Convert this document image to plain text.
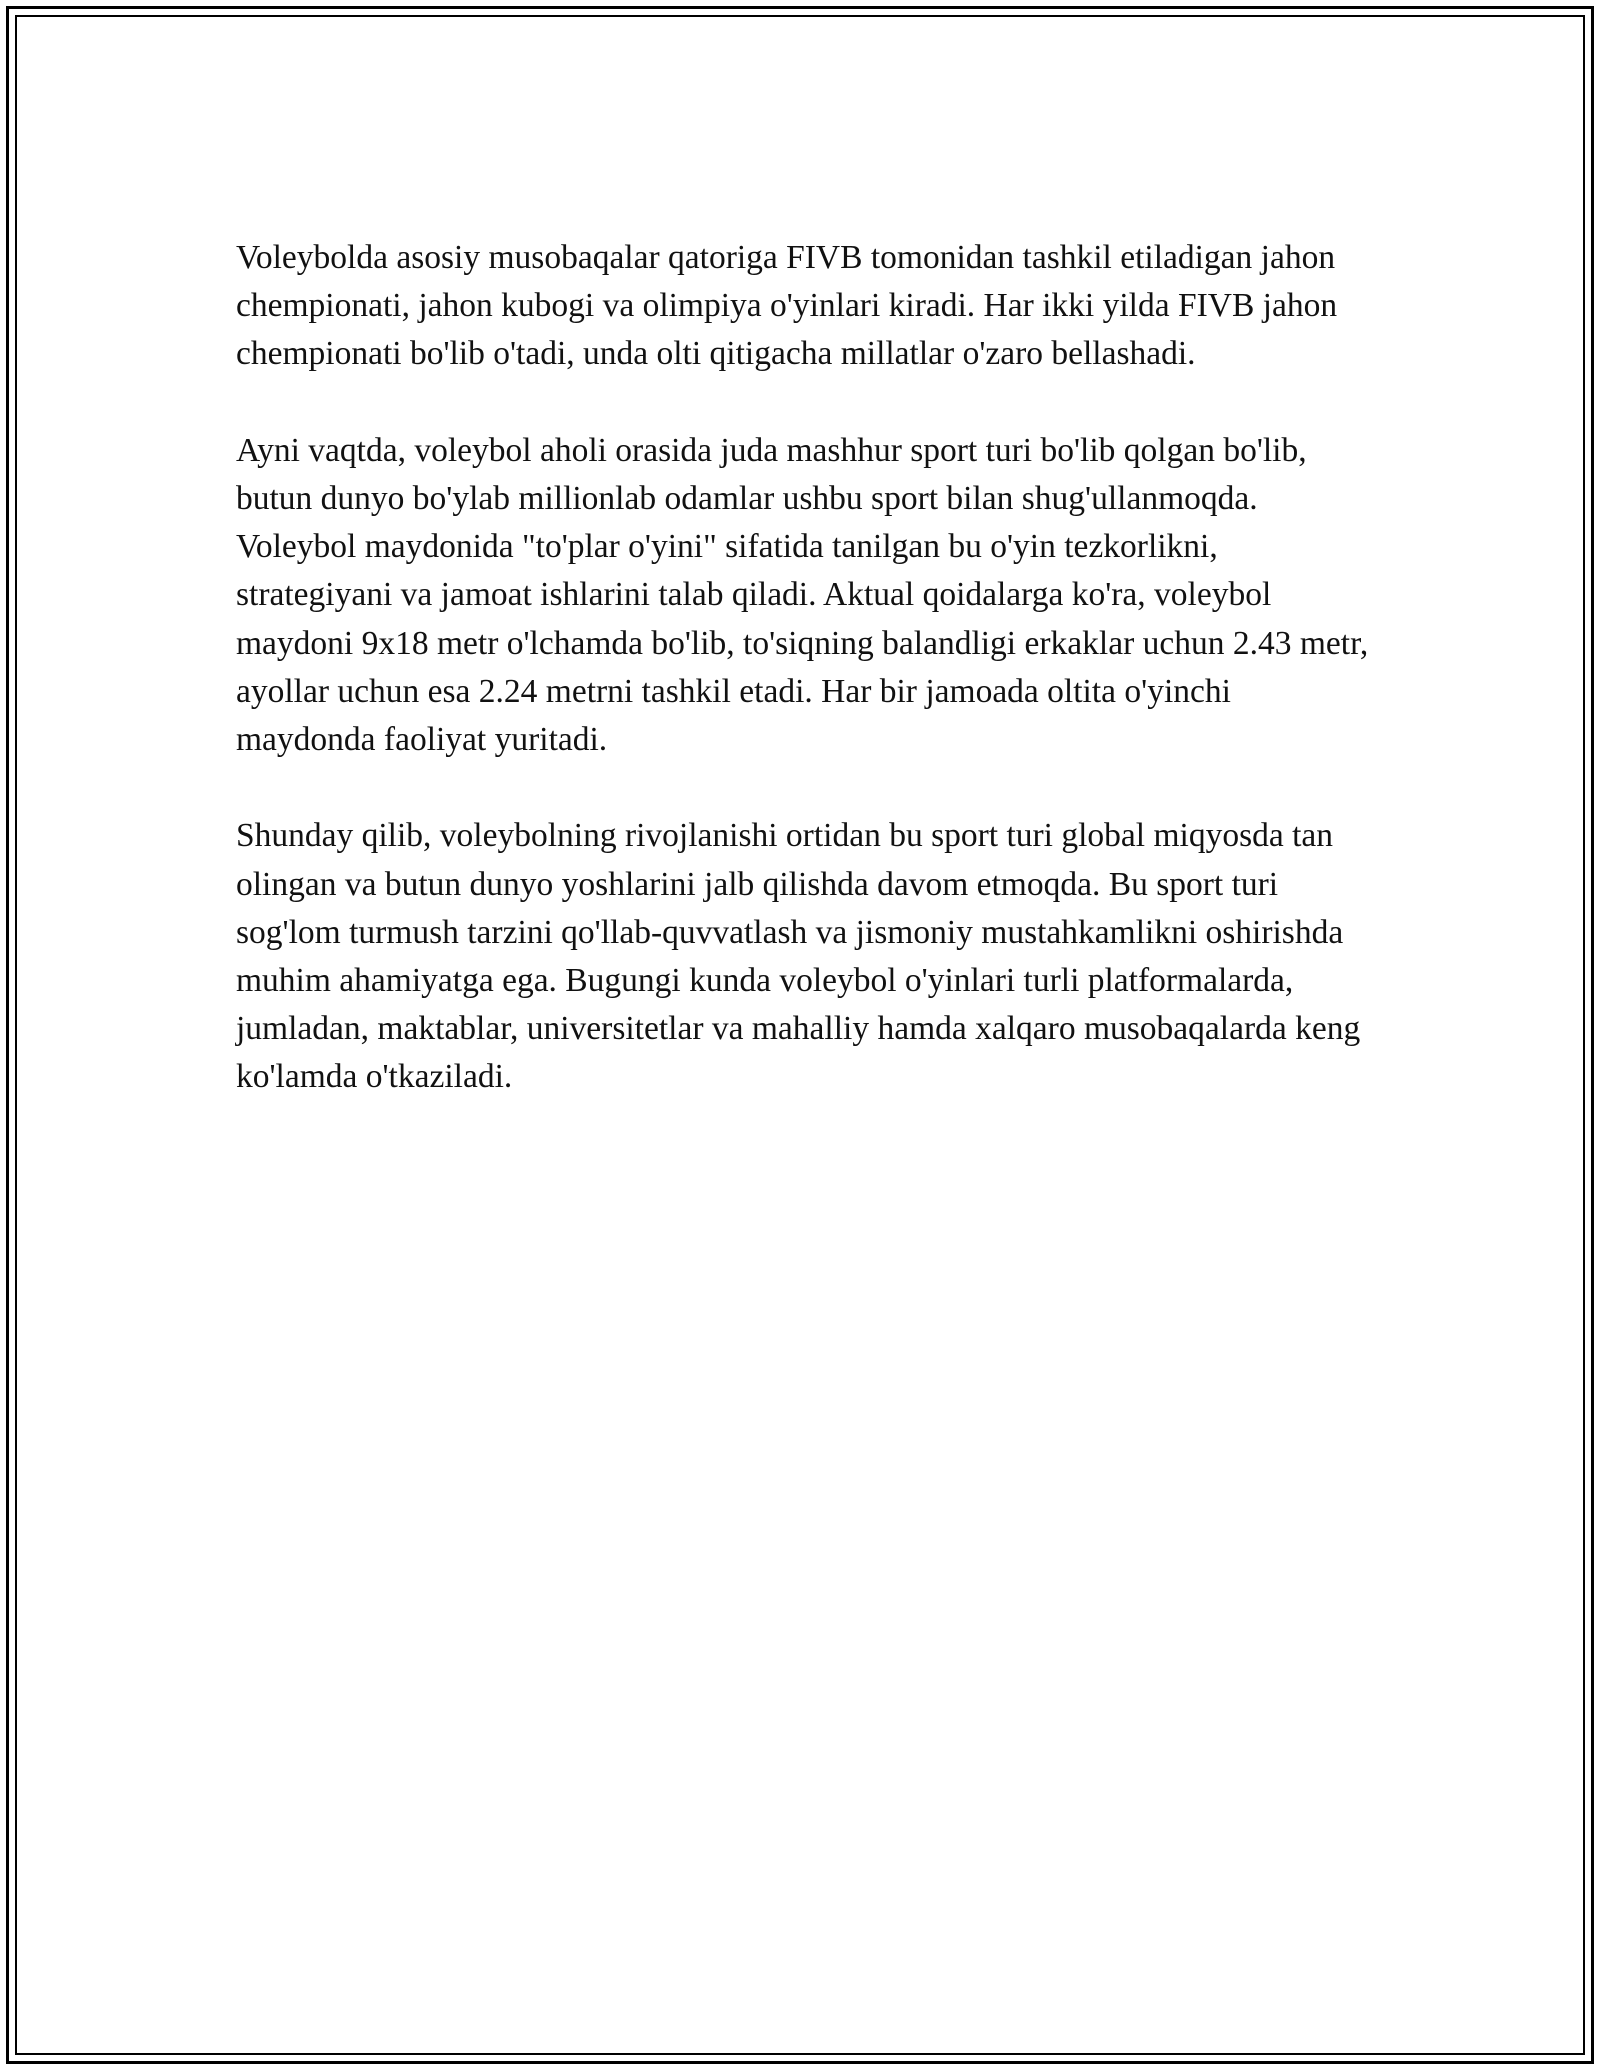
Voleybolda asosiy musobaqalar qatoriga FIVB tomonidan tashkil etiladigan jahon chempionati, jahon kubogi va olimpiya o'yinlari kiradi. Har ikki yilda FIVB jahon chempionati bo'lib o'tadi, unda olti qitigacha millatlar o'zaro bellashadi.

Ayni vaqtda, voleybol aholi orasida juda mashhur sport turi bo'lib qolgan bo'lib, butun dunyo bo'ylab millionlab odamlar ushbu sport bilan shug'ullanmoqda. Voleybol maydonida "to'plar o'yini" sifatida tanilgan bu o'yin tezkorlikni, strategiyani va jamoat ishlarini talab qiladi. Aktual qoidalarga ko'ra, voleybol maydoni 9x18 metr o'lchamda bo'lib, to'siqning balandligi erkaklar uchun 2.43 metr, ayollar uchun esa 2.24 metrni tashkil etadi. Har bir jamoada oltita o'yinchi maydonda faoliyat yuritadi.

Shunday qilib, voleybolning rivojlanishi ortidan bu sport turi global miqyosda tan olingan va butun dunyo yoshlarini jalb qilishda davom etmoqda. Bu sport turi sog'lom turmush tarzini qo'llab-quvvatlash va jismoniy mustahkamlikni oshirishda muhim ahamiyatga ega. Bugungi kunda voleybol o'yinlari turli platformalarda, jumladan, maktablar, universitetlar va mahalliy hamda xalqaro musobaqalarda keng ko'lamda o'tkaziladi.
